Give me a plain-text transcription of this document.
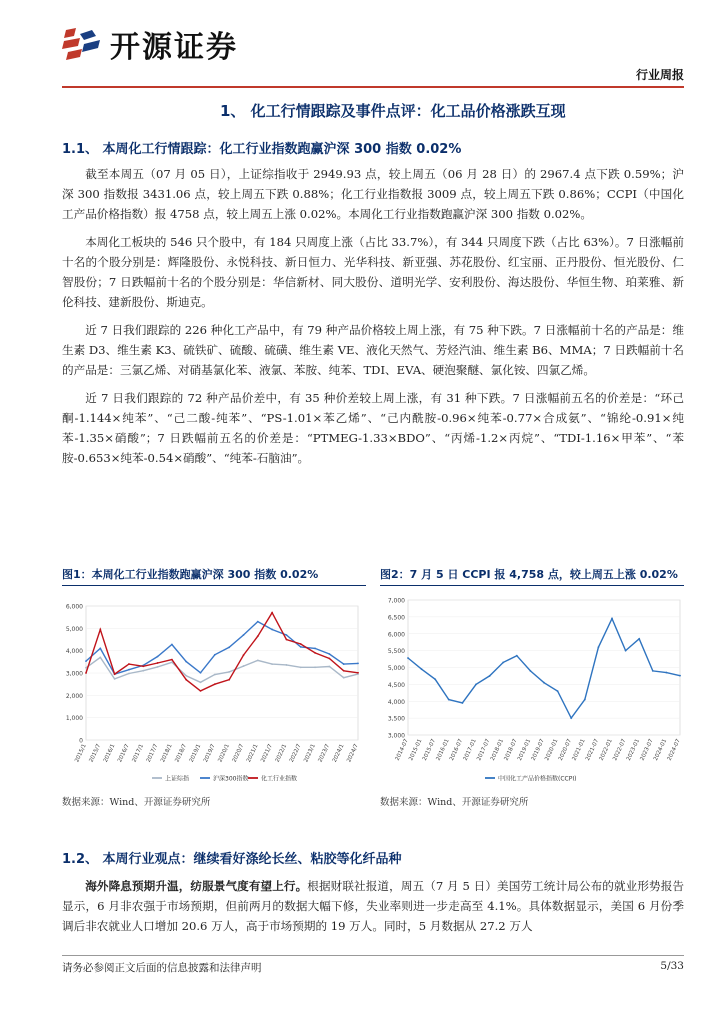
开源证券
行业周报
1、 化工行情跟踪及事件点评：化工品价格涨跌互现
1.1、 本周化工行情跟踪：化工行业指数跑赢沪深 300 指数 0.02%

截至本周五（07 月 05 日），上证综指收于 2949.93 点，较上周五（06 月 28 日）的 2967.4 点下跌 0.59%；沪深 300 指数报 3431.06 点，较上周五下跌 0.88%；化工行业指数报 3009 点，较上周五下跌 0.86%；CCPI（中国化工产品价格指数）报 4758 点，较上周五上涨 0.02%。本周化工行业指数跑赢沪深 300 指数 0.02%。

本周化工板块的 546 只个股中，有 184 只周度上涨（占比 33.7%），有 344 只周度下跌（占比 63%）。7 日涨幅前十名的个股分别是：辉隆股份、永悦科技、新日恒力、光华科技、新亚强、苏花股份、红宝丽、正丹股份、恒光股份、仁智股份；7 日跌幅前十名的个股分别是：华信新材、同大股份、道明光学、安利股份、海达股份、华恒生物、珀莱雅、新伦科技、建新股份、斯迪克。

近 7 日我们跟踪的 226 种化工产品中，有 79 种产品价格较上周上涨，有 75 种下跌。7 日涨幅前十名的产品是：维生素 D3、维生素 K3、硫铁矿、硫酸、硫磺、维生素 VE、液化天然气、芳烃汽油、维生素 B6、MMA；7 日跌幅前十名的产品是：三氯乙烯、对硝基氯化苯、液氯、苯胺、纯苯、TDI、EVA、硬泡聚醚、氯化铵、四氯乙烯。

近 7 日我们跟踪的 72 种产品价差中，有 35 种价差较上周上涨，有 31 种下跌。7 日涨幅前五名的价差是：“环己酮-1.144×纯苯”、“己二酸-纯苯”、“PS-1.01×苯乙烯”、“己内酰胺-0.96×纯苯-0.77×合成氨”、“锦纶-0.91×纯苯-1.35×硝酸”；7 日跌幅前五名的价差是：“PTMEG-1.33×BDO”、“丙烯-1.2×丙烷”、“TDI-1.16×甲苯”、“苯胺-0.653×纯苯-0.54×硝酸”、“纯苯-石脑油”。

图1：本周化工行业指数跑赢沪深 300 指数 0.02%
0
1,000
2,000
3,000
4,000
5,000
6,000
2015/1 2015/7 2016/1 2016/7 2017/1 2017/7 2018/1 2018/7 2019/1 2019/7 2020/1 2020/7 2021/1 2021/7 2022/1 2022/7 2023/1 2023/7 2024/1 2024/7
上证综指	沪深300指数 化工行业指数
数据来源：Wind、开源证券研究所
图2：7 月 5 日 CCPI 报 4,758 点，较上周五上涨 0.02%
3,000
3,500
4,000
4,500
5,000
5,500
6,000
6,500
7,000
2014-07
2015-01
2015-07
2016-01
2016-07
2017-01
2017-07
2018-01
2018-07
2019-01
2019-07
2020-01
2020-07
2021-01
2021-07
2022-01
2022-07
2023-01
2023-07
2024-01
2024-07
中国化工产品价格指数(CCPI)
数据来源：Wind、开源证券研究所
1.2、 本周行业观点：继续看好涤纶长丝、粘胶等化纤品种

海外降息预期升温，纺服景气度有望上行。根据财联社报道，周五（7 月 5 日）美国劳工统计局公布的就业形势报告显示，6 月非农强于市场预期，但前两月的数据大幅下修，失业率则进一步走高至 4.1%。具体数据显示，美国 6 月份季调后非农就业人口增加 20.6 万人，高于市场预期的 19 万人。同时，5 月数据从 27.2 万人

请务必参阅正文后面的信息披露和法律声明	5/33
